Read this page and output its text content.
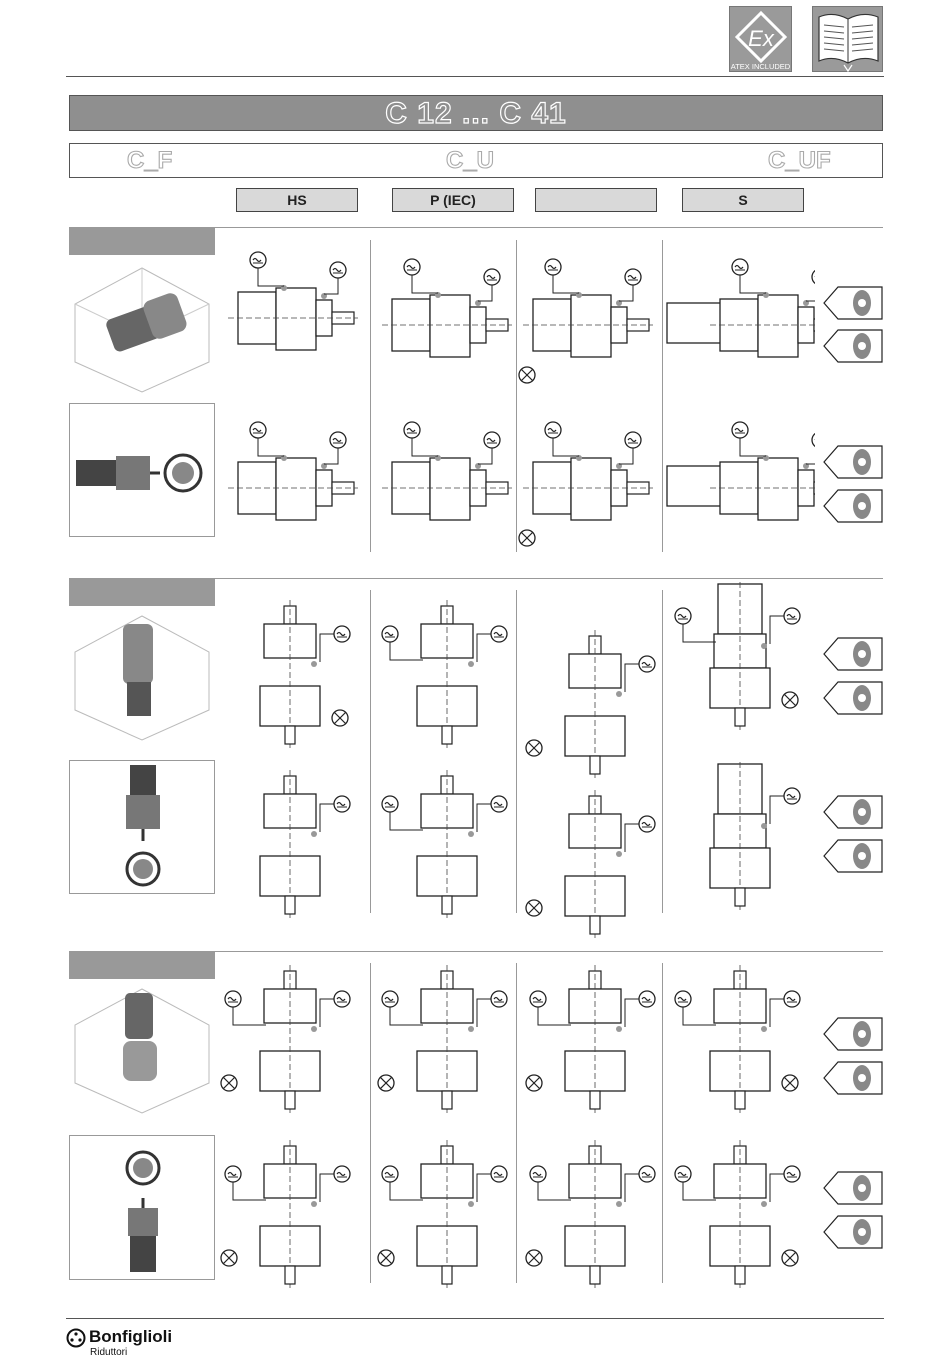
Ex
ATEX INCLUDED
C 12 ... C 41
C_F	C_U	C_UF
HS	P (IEC)	S
Bonfiglioli
Riduttori
